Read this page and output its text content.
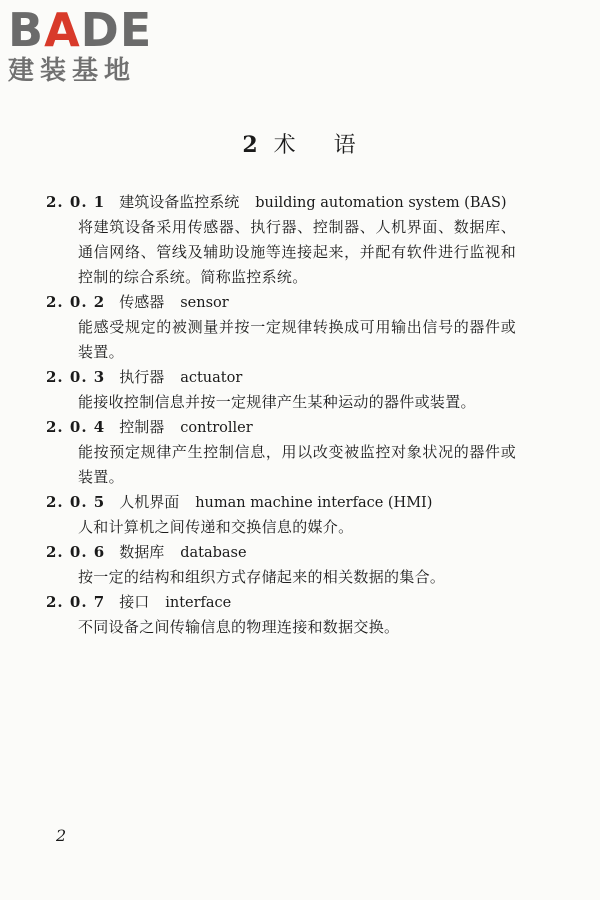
BADE
建装基地
2 术 语

2. 0. 1 建筑设备监控系统 building automation system (BAS)

将建筑设备采用传感器、执行器、控制器、人机界面、数据库、通信网络、管线及辅助设施等连接起来，并配有软件进行监视和控制的综合系统。简称监控系统。

2. 0. 2 传感器 sensor

能感受规定的被测量并按一定规律转换成可用输出信号的器件或装置。

2. 0. 3 执行器 actuator

能接收控制信息并按一定规律产生某种运动的器件或装置。

2. 0. 4 控制器 controller

能按预定规律产生控制信息，用以改变被监控对象状况的器件或装置。

2. 0. 5 人机界面 human machine interface (HMI)

人和计算机之间传递和交换信息的媒介。

2. 0. 6 数据库 database

按一定的结构和组织方式存储起来的相关数据的集合。

2. 0. 7 接口 interface

不同设备之间传输信息的物理连接和数据交换。

2
